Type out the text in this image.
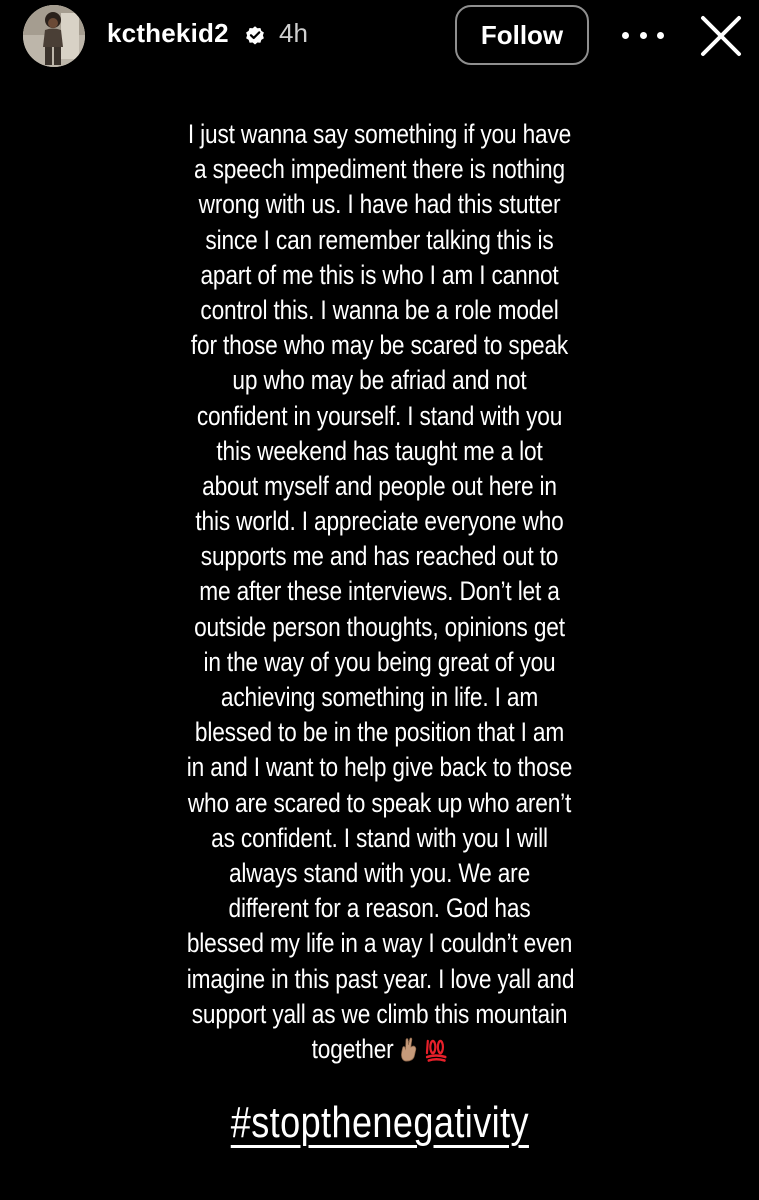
kcthekid2 4h	Follow
I just wanna say something if you have
a speech impediment there is nothing
wrong with us. I have had this stutter
since I can remember talking this is
apart of me this is who I am I cannot
control this. I wanna be a role model
for those who may be scared to speak
up who may be afriad and not
confident in yourself. I stand with you
this weekend has taught me a lot
about myself and people out here in
this world. I appreciate everyone who
supports me and has reached out to
me after these interviews. Don’t let a
outside person thoughts, opinions get
in the way of you being great of you
achieving something in life. I am
blessed to be in the position that I am
in and I want to help give back to those
who are scared to speak up who aren’t
as confident. I stand with you I will
always stand with you. We are
different for a reason. God has
blessed my life in a way I couldn’t even
imagine in this past year. I love yall and
support yall as we climb this mountain
together
#stopthenegativity
